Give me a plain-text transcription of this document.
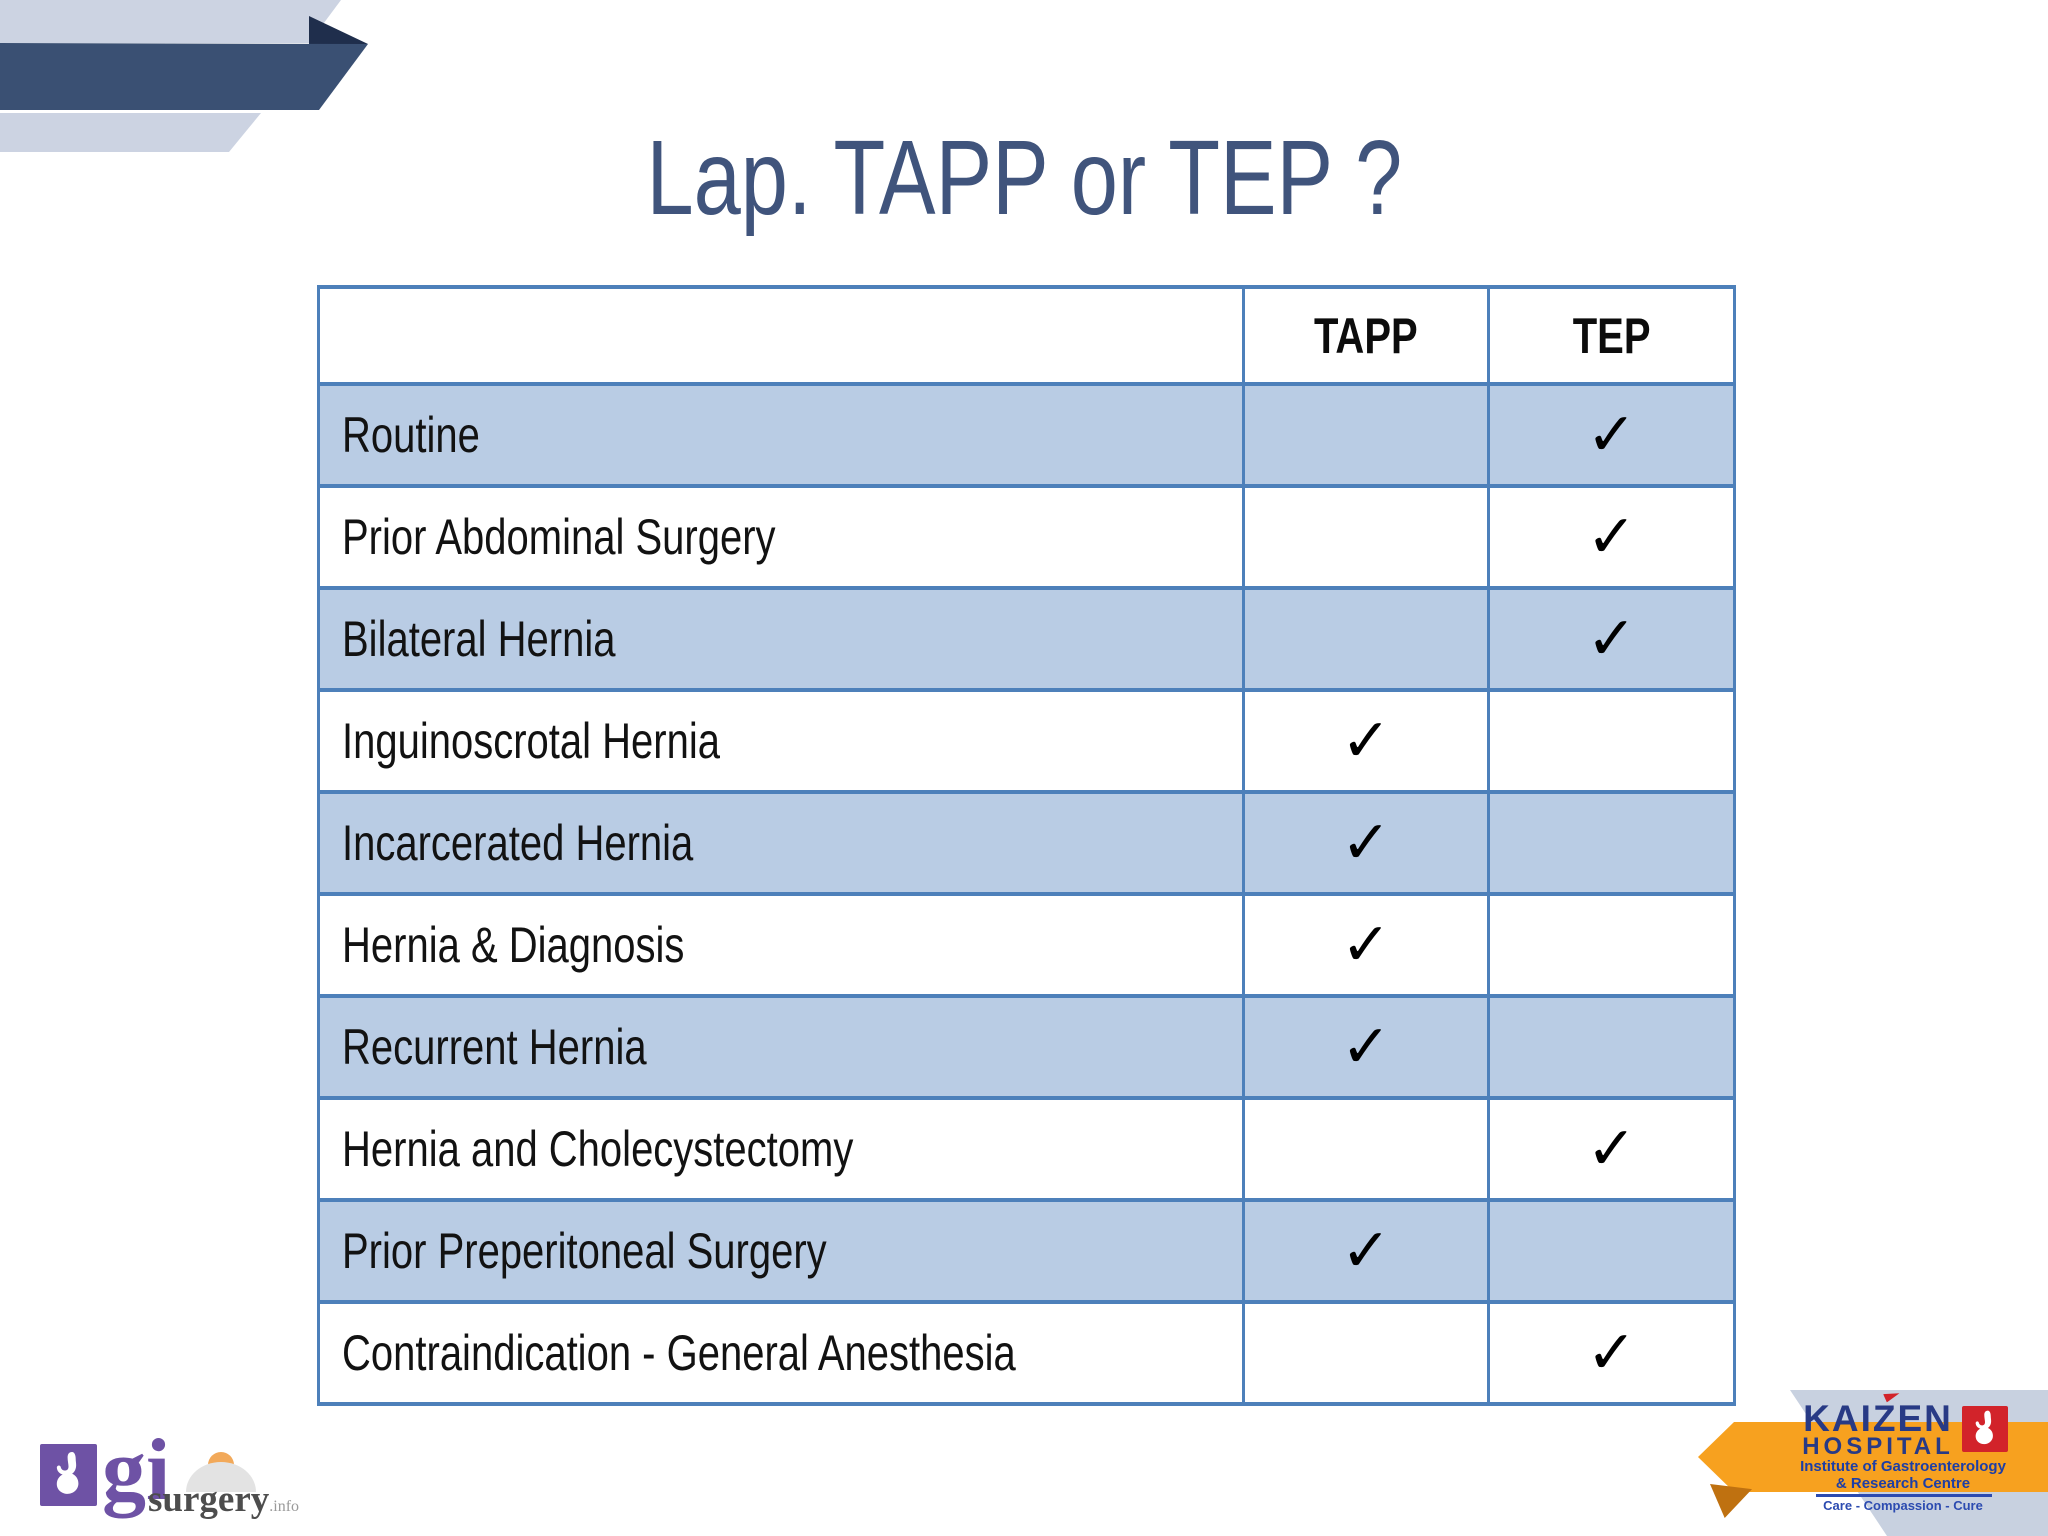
Lap. TAPP or TEP ?
	TAPP	TEP
Routine		✓
Prior Abdominal Surgery		✓
Bilateral Hernia		✓
Inguinoscrotal Hernia	✓	
Incarcerated Hernia	✓	
Hernia & Diagnosis	✓	
Recurrent Hernia	✓	
Hernia and Cholecystectomy		✓
Prior Preperitoneal Surgery	✓	
Contraindication - General Anesthesia		✓
gi
surgery.info
KAIZEN
HOSPITAL
Institute of Gastroenterology
& Research Centre
Care - Compassion - Cure
